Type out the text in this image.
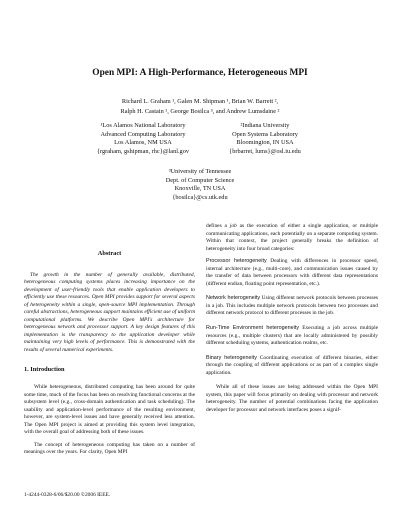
Open MPI: A High-Performance, Heterogeneous MPI
Richard L. Graham ¹, Galen M. Shipman ¹, Brian W. Barrett ²,
Ralph H. Castain ¹, George Bosilca ³, and Andrew Lumsdaine ²
¹Los Alamos National Laboratory
Advanced Computing Laboratory
Los Alamos, NM USA
{rgraham, gshipman, rhc}@lanl.gov
²Indiana University
Open Systems Laboratory
Bloomington, IN USA
{brbarret, lums}@osl.iu.edu
³University of Tennessee
Dept. of Computer Science
Knoxville, TN USA
{bosilca}@cs.utk.edu
Abstract

The growth in the number of generally available, distributed, heterogeneous computing systems places increasing importance on the development of user-friendly tools that enable application developers to efficiently use these resources. Open MPI provides support for several aspects of heterogeneity within a single, open-source MPI implementation. Through careful abstractions, heterogeneous support maintains efficient use of uniform computational platforms. We describe Open MPI's architecture for heterogeneous network and processor support. A key design features of this implementation is the transparency to the application developer while maintaining very high levels of performance. This is demonstrated with the results of several numerical experiments.

1. Introduction

While heterogeneous, distributed computing has been around for quite some time, much of the focus has been on resolving functional concerns at the subsystem level (e.g., cross-domain authentication and task scheduling). The usability and application-level performance of the resulting environment, however, are system-level issues and have generally received less attention. The Open MPI project is aimed at providing this system level integration, with the overall goal of addressing both of these issues.

The concept of heterogeneous computing has taken on a number of meanings over the years. For clarity, Open MPI

defines a job as the execution of either a single application, or multiple communicating applications, each potentially on a separate computing system. Within that context, the project generally breaks the definition of heterogeneity into four broad categories:

Processor heterogeneity Dealing with differences in processor speed, internal architecture (e.g., multi-core), and communication issues caused by the transfer of data between processors with different data representations (different endian, floating point representation, etc.).
Network heterogeneity Using different network protocols between processes in a job. This includes multiple network protocols between two processes and different network protocol to different processes in the job.
Run-Time Environment heterogeneity Executing a job across multiple resources (e.g., multiple clusters) that are locally administered by possibly different scheduling systems, authentication realms, etc.
Binary heterogeneity Coordinating execution of different binaries, either through the coupling of different applications or as part of a complex single application.

While all of these issues are being addressed within the Open MPI system, this paper will focus primarily on dealing with processor and network heterogeneity. The number of potential combinations facing the application developer for processor and network interfaces poses a signif-

1-4244-0328-6/06/$20.00 ©2006 IEEE.
